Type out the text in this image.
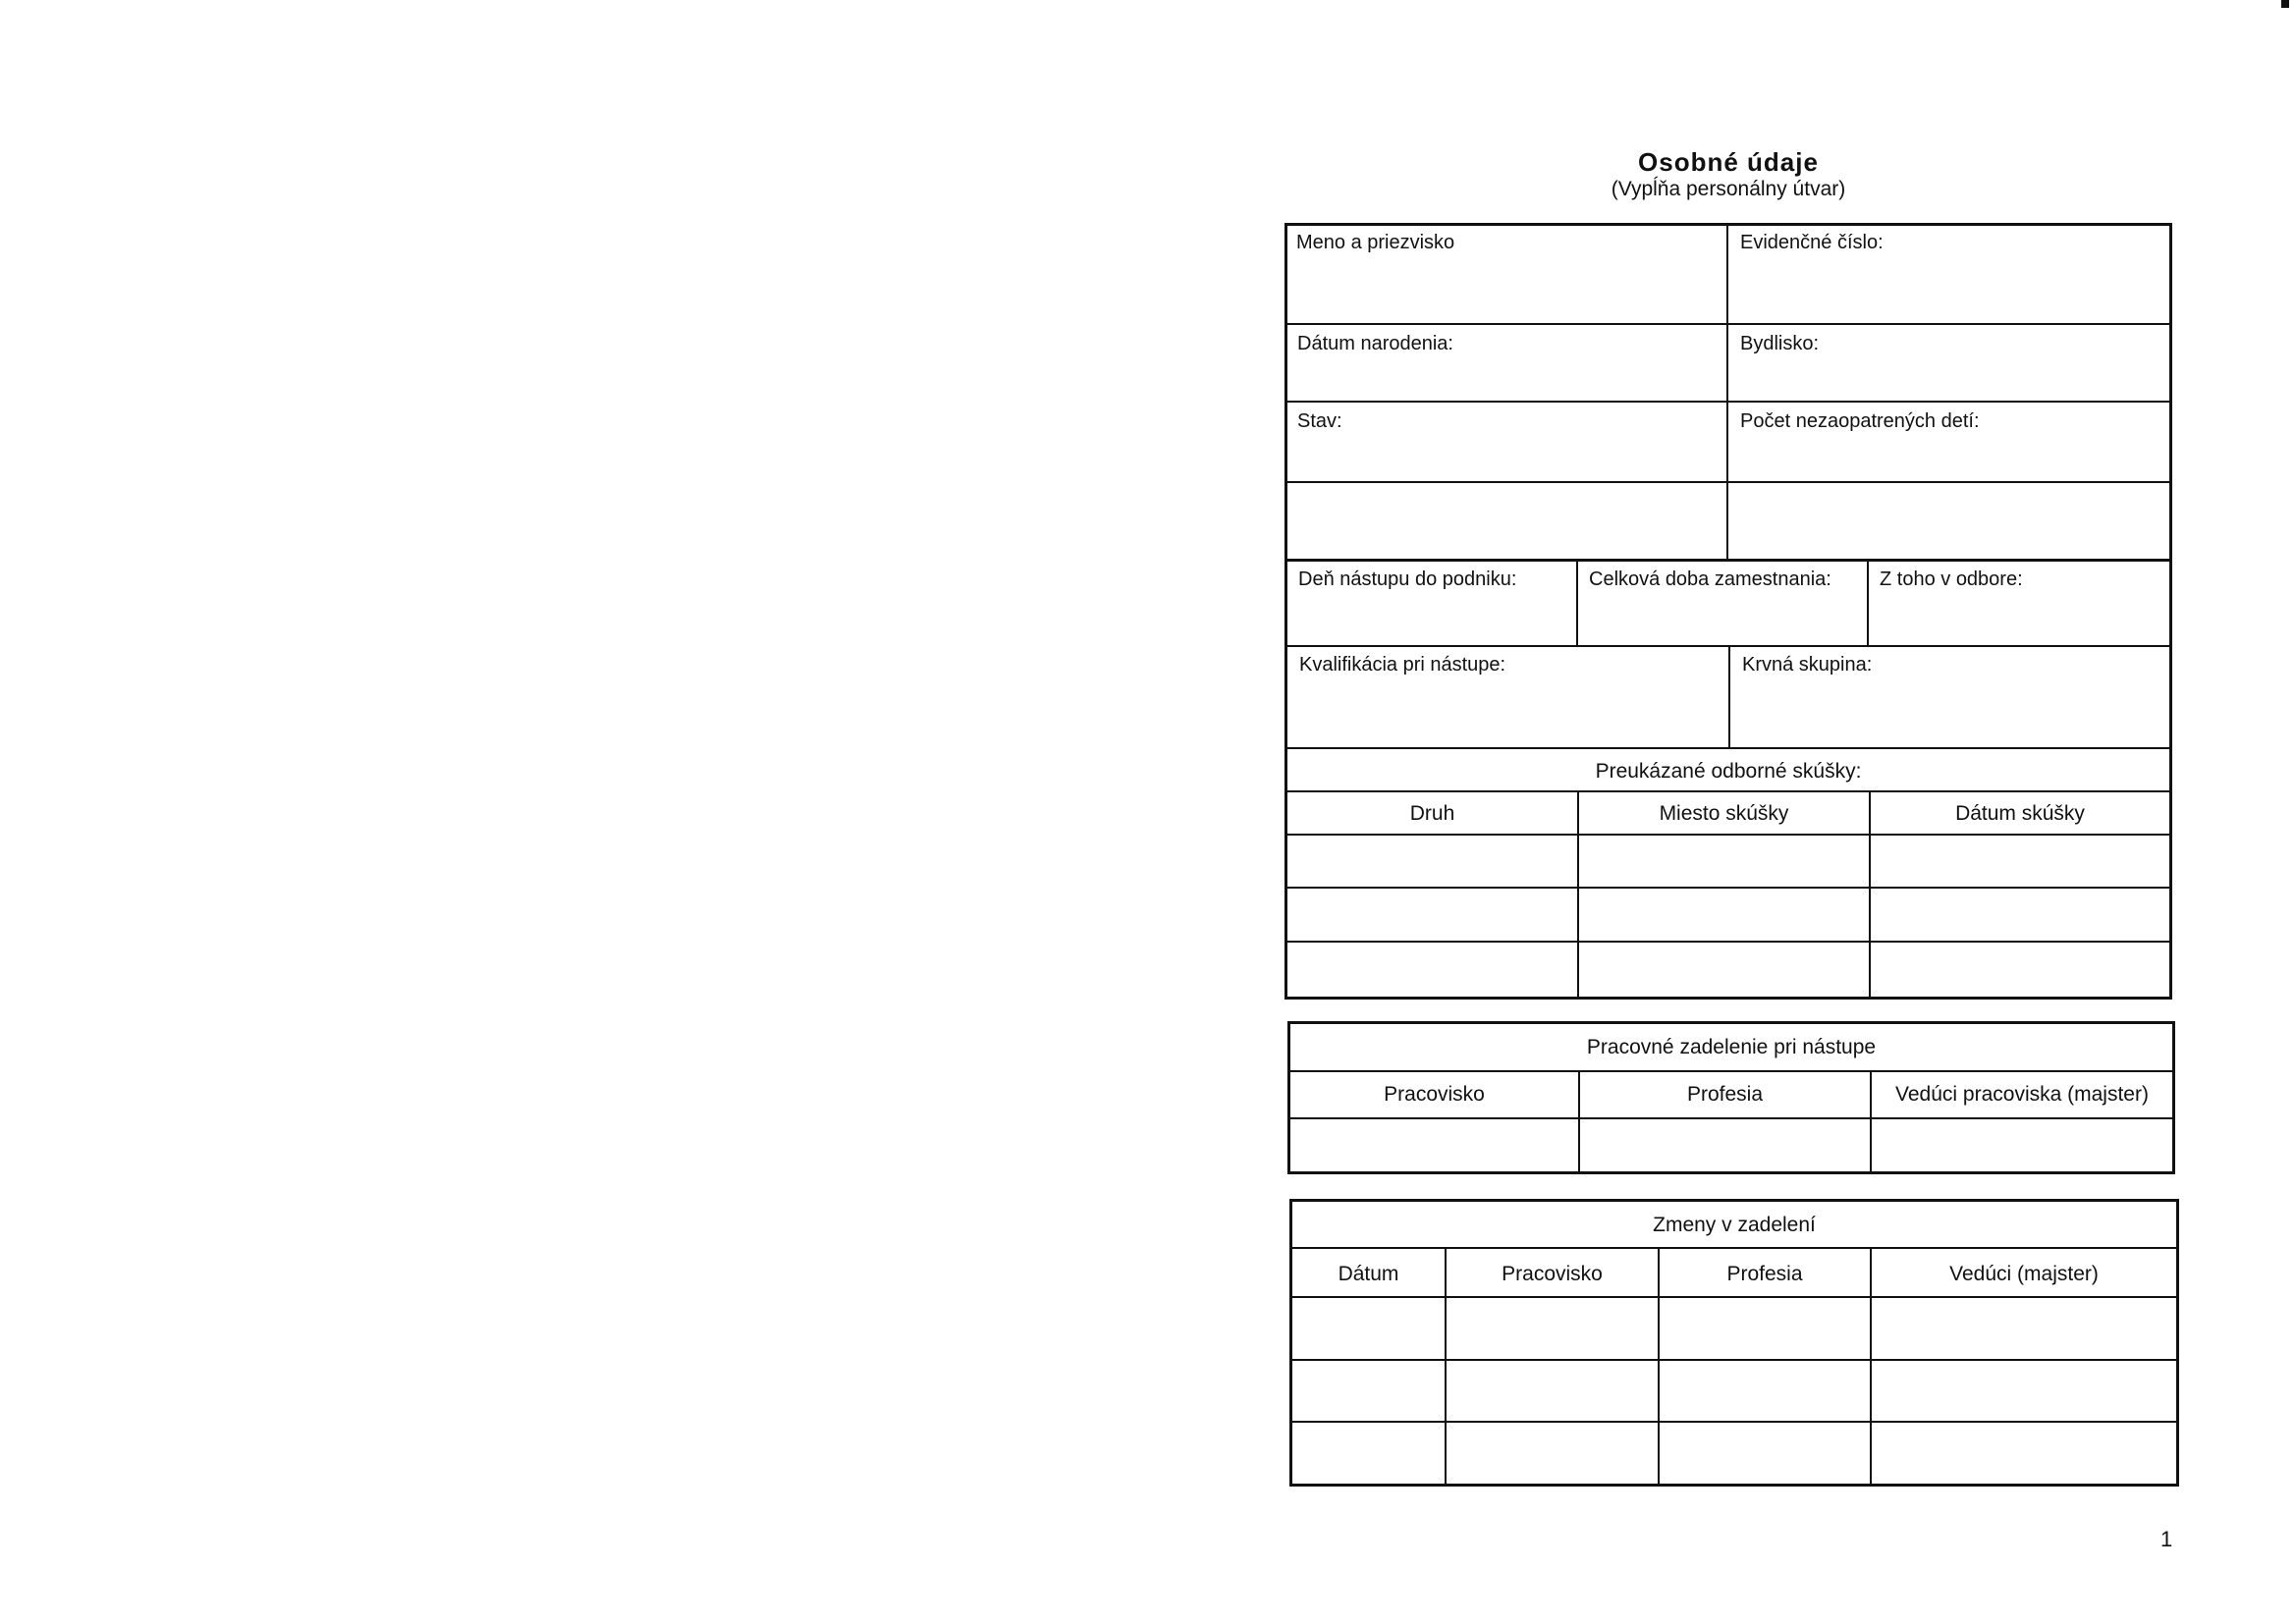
Osobné údaje
(Vypĺňa personálny útvar)
Meno a priezvisko	Evidenčné číslo:
Dátum narodenia:	Bydlisko:
Stav:	Počet nezaopatrených detí:
Deň nástupu do podniku:	Celková doba zamestnania: Z toho v odbore:
Kvalifikácia pri nástupe:	Krvná skupina:
Preukázané odborné skúšky:
Druh	Miesto skúšky	Dátum skúšky
Pracovné zadelenie pri nástupe
Pracovisko	Profesia	Vedúci pracoviska (majster)
Zmeny v zadelení
Dátum	Pracovisko	Profesia	Vedúci (majster)
1
